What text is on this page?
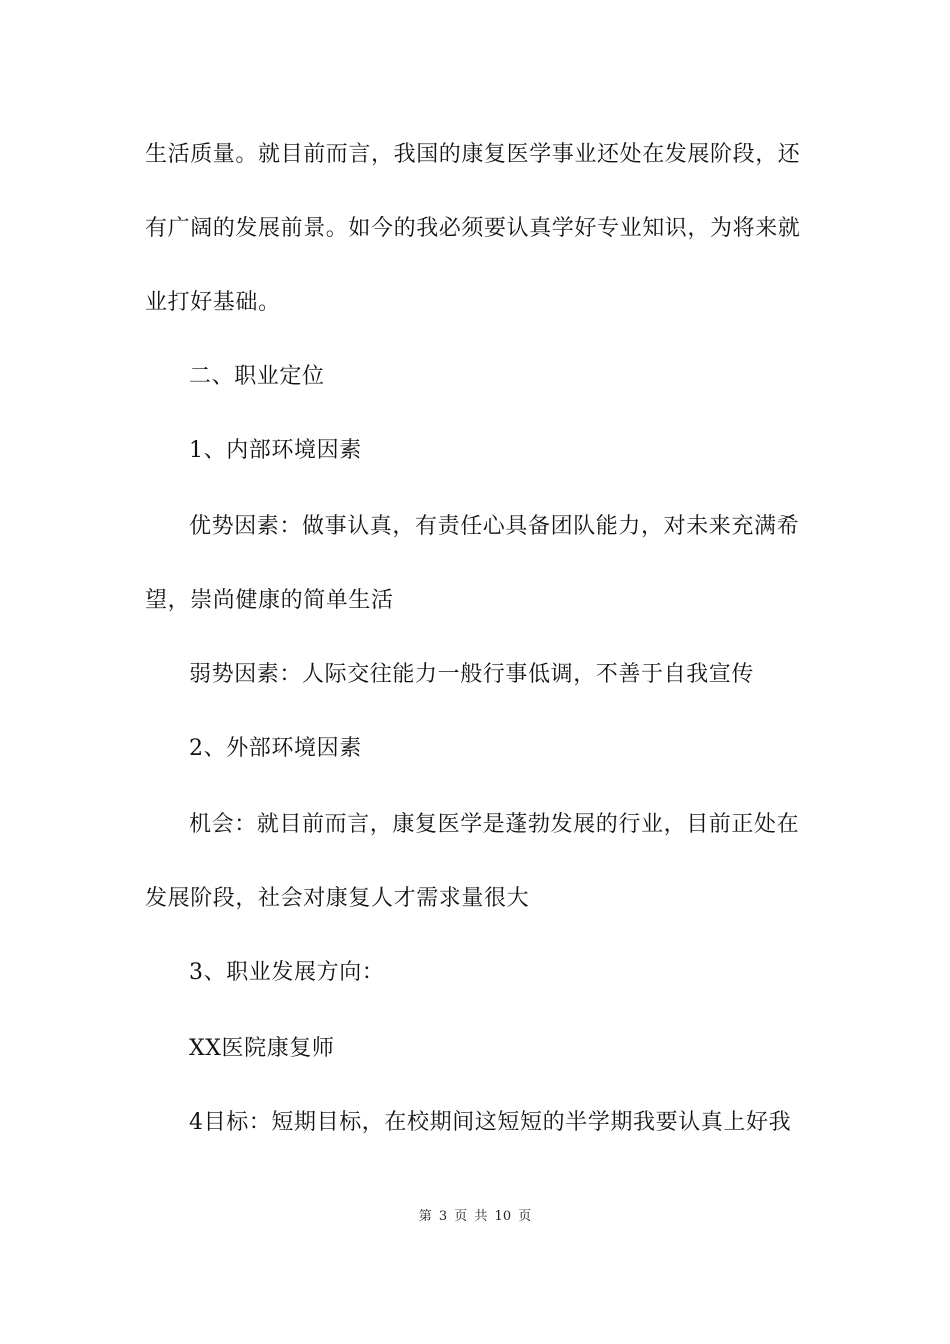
生活质量。就目前而言，我国的康复医学事业还处在发展阶段，还
有广阔的发展前景。如今的我必须要认真学好专业知识，为将来就
业打好基础。
二、职业定位
1、内部环境因素
优势因素：做事认真，有责任心具备团队能力，对未来充满希
望，崇尚健康的简单生活
弱势因素：人际交往能力一般行事低调，不善于自我宣传
2、外部环境因素
机会：就目前而言，康复医学是蓬勃发展的行业，目前正处在
发展阶段，社会对康复人才需求量很大
3、职业发展方向：
XX医院康复师
4目标：短期目标，在校期间这短短的半学期我要认真上好我
第 3 页 共 10 页
